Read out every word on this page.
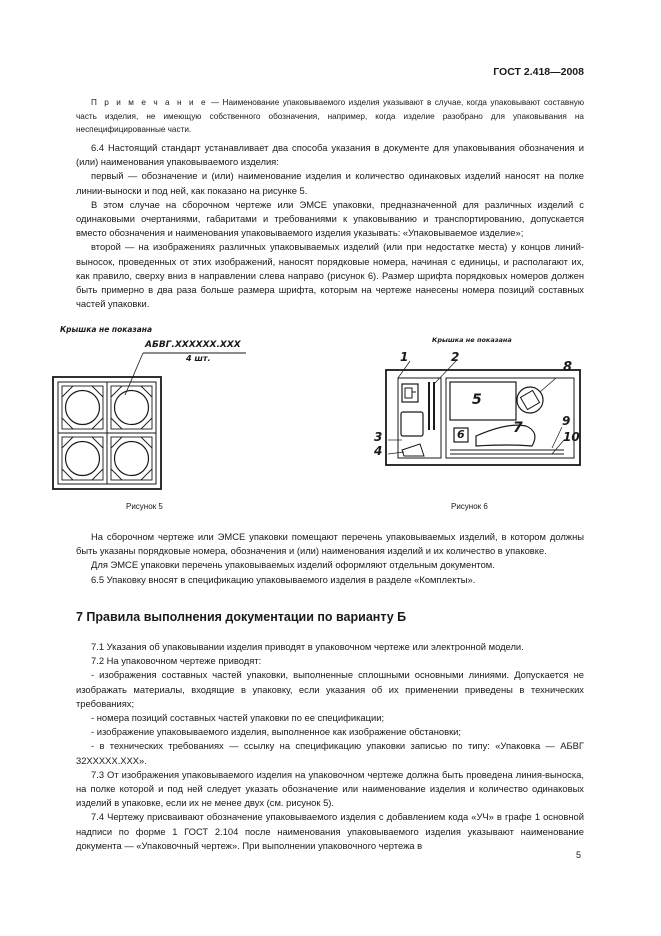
ГОСТ 2.418—2008

П р и м е ч а н и е — Наименование упаковываемого изделия указывают в случае, когда упаковывают составную часть изделия, не имеющую собственного обозначения, например, когда изделие разобрано для упаковывания на неспецифицированные части.

6.4 Настоящий стандарт устанавливает два способа указания в документе для упаковывания обозначения и (или) наименования упаковываемого изделия:

первый — обозначение и (или) наименование изделия и количество одинаковых изделий наносят на полке линии-выноски и под ней, как показано на рисунке 5.

В этом случае на сборочном чертеже или ЭМСЕ упаковки, предназначенной для различных изделий с одинаковыми очертаниями, габаритами и требованиями к упаковыванию и транспортированию, допускается вместо обозначения и наименования упаковываемого изделия указывать: «Упаковываемое изделие»;

второй — на изображениях различных упаковываемых изделий (или при недостатке места) у концов линий-выносок, проведенных от этих изображений, наносят порядковые номера, начиная с единицы, и располагают их, как правило, сверху вниз в направлении слева направо (рисунок 6). Размер шрифта порядковых номеров должен быть примерно в два раза больше размера шрифта, которым на чертеже нанесены номера позиций составных частей упаковки.

Крышка не показана
АБВГ.XXXXXX.XXX
4 шт.
Рисунок 5
Крышка не показана
1	2
3
4
5
6	7
8
9
10
Рисунок 6

На сборочном чертеже или ЭМСЕ упаковки помещают перечень упаковываемых изделий, в котором должны быть указаны порядковые номера, обозначения и (или) наименования изделий и их количество в упаковке.

Для ЭМСЕ упаковки перечень упаковываемых изделий оформляют отдельным документом.

6.5 Упаковку вносят в спецификацию упаковываемого изделия в разделе «Комплекты».

7 Правила выполнения документации по варианту Б

7.1 Указания об упаковывании изделия приводят в упаковочном чертеже или электронной модели.

7.2 На упаковочном чертеже приводят:

- изображения составных частей упаковки, выполненные сплошными основными линиями. Допускается не изображать материалы, входящие в упаковку, если указания об их применении приведены в технических требованиях;

- номера позиций составных частей упаковки по ее спецификации;

- изображение упаковываемого изделия, выполненное как изображение обстановки;

- в технических требованиях — ссылку на спецификацию упаковки записью по типу: «Упаковка — АБВГ 32XXXXX.XXX».

7.3 От изображения упаковываемого изделия на упаковочном чертеже должна быть проведена линия-выноска, на полке которой и под ней следует указать обозначение или наименование изделия и количество одинаковых изделий в упаковке, если их не менее двух (см. рисунок 5).

7.4 Чертежу присваивают обозначение упаковываемого изделия с добавлением кода «УЧ» в графе 1 основной надписи по форме 1 ГОСТ 2.104 после наименования упаковываемого изделия указывают наименование документа — «Упаковочный чертеж». При выполнении упаковочного чертежа в

5
